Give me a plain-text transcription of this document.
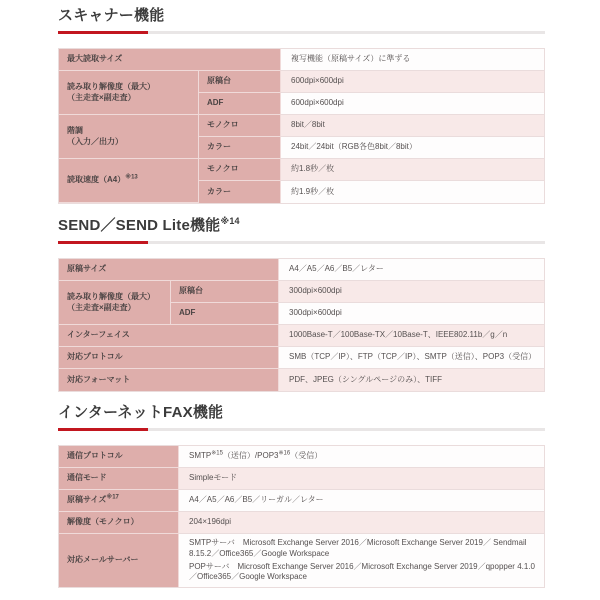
スキャナー機能
最大読取サイズ		複写機能（原稿サイズ）に準ずる

読み取り解像度（最大）
（主走査×副走査）	原稿台	600dpi×600dpi
	ADF	600dpi×600dpi

階調
（入力／出力）	モノクロ	8bit／8bit
	カラー	24bit／24bit（RGB各色8bit／8bit）
読取速度$(A4)^{※13}$	モノクロ	約1.8秒／枚
	カラー	約1.9秒／枚
SEND／SEND Lite機能$^{※14}$
原稿サイズ		A4／A5／A6／B5／レター

読み取り解像度（最大）
（主走査×副走査）	原稿台	300dpi×600dpi
	ADF	300dpi×600dpi
インターフェイス		1000Base-T／100Base-TX／10Base-T、IEEE802.11b／g／n
対応プロトコル		SMB（TCP／IP）、FTP（TCP／IP）、SMTP（送信）、POP3（受信）
対応フォーマット		PDF、JPEG（シングルページのみ）、TIFF
インターネットFAX機能
通信プロトコル	SMTP$^{※15}$（送信）/POP3$^{※16}$（受信）
通信モード	Simpleモード
原稿サイズ$^{※17}$	A4／A5／A6／B5／リーガル／レター
解像度（モノクロ）	204×196dpi
対応メールサーバー	SMTPサーバ　Microsoft Exchange Server 2016／Microsoft Exchange Server 2019／ Sendmail 8.15.2／Office365／Google Workspace
POPサーバ　Microsoft Exchange Server 2016／Microsoft Exchange Server 2019／qpopper 4.1.0／Office365／Google Workspace
